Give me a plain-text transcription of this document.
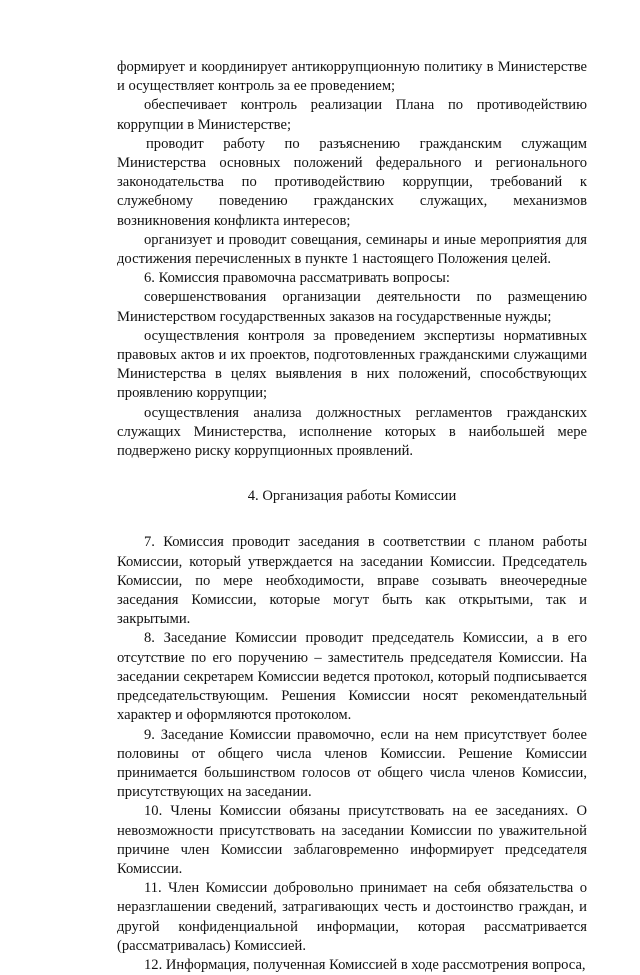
формирует и координирует антикоррупционную политику в Министерстве и осуществляет контроль за ее проведением;

обеспечивает контроль реализации Плана по противодействию коррупции в Министерстве;

проводит работу по разъяснению гражданским служащим Министерства основных положений федерального и регионального законодательства по противодействию коррупции, требований к служебному поведению гражданских служащих, механизмов возникновения конфликта интересов;

организует и проводит совещания, семинары и иные мероприятия для достижения перечисленных в пункте 1 настоящего Положения целей.

6. Комиссия правомочна рассматривать вопросы:

совершенствования организации деятельности по размещению Министерством государственных заказов на государственные нужды;

осуществления контроля за проведением экспертизы нормативных правовых актов и их проектов, подготовленных гражданскими служащими Министерства в целях выявления в них положений, способствующих проявлению коррупции;

осуществления анализа должностных регламентов гражданских служащих Министерства, исполнение которых в наибольшей мере подвержено риску коррупционных проявлений.

4. Организация работы Комиссии

7. Комиссия проводит заседания в соответствии с планом работы Комиссии, который утверждается на заседании Комиссии. Председатель Комиссии, по мере необходимости, вправе созывать внеочередные заседания Комиссии, которые могут быть как открытыми, так и закрытыми.

8. Заседание Комиссии проводит председатель Комиссии, а в его отсутствие по его поручению – заместитель председателя Комиссии. На заседании секретарем Комиссии ведется протокол, который подписывается председательствующим. Решения Комиссии носят рекомендательный характер и оформляются протоколом.

9. Заседание Комиссии правомочно, если на нем присутствует более половины от общего числа членов Комиссии. Решение Комиссии принимается большинством голосов от общего числа членов Комиссии, присутствующих на заседании.

10. Члены Комиссии обязаны присутствовать на ее заседаниях. О невозможности присутствовать на заседании Комиссии по уважительной причине член Комиссии заблаговременно информирует председателя Комиссии.

11. Член Комиссии добровольно принимает на себя обязательства о неразглашении сведений, затрагивающих честь и достоинство граждан, и другой конфиденциальной информации, которая рассматривается (рассматривалась) Комиссией.

12. Информация, полученная Комиссией в ходе рассмотрения вопроса,
